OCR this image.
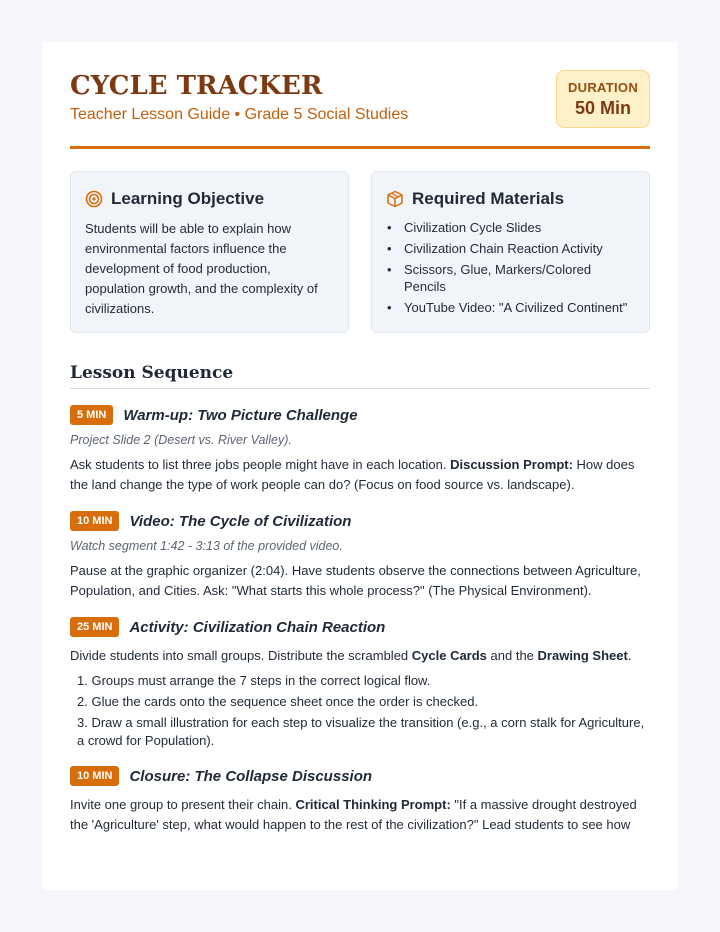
CYCLE TRACKER
Teacher Lesson Guide • Grade 5 Social Studies
DURATION
50 Min
Learning Objective
Students will be able to explain how environmental factors influence the development of food production, population growth, and the complexity of civilizations.
Required Materials
• Civilization Cycle Slides
• Civilization Chain Reaction Activity
• Scissors, Glue, Markers/Colored Pencils
• YouTube Video: "A Civilized Continent"
Lesson Sequence
5 MIN	Warm-up: Two Picture Challenge
Project Slide 2 (Desert vs. River Valley).
Ask students to list three jobs people might have in each location. Discussion Prompt: How does the land change the type of work people can do? (Focus on food source vs. landscape).
10 MIN	Video: The Cycle of Civilization
Watch segment 1:42 - 3:13 of the provided video.
Pause at the graphic organizer (2:04). Have students observe the connections between Agriculture, Population, and Cities. Ask: "What starts this whole process?" (The Physical Environment).
25 MIN	Activity: Civilization Chain Reaction
Divide students into small groups. Distribute the scrambled Cycle Cards and the Drawing Sheet.
1. Groups must arrange the 7 steps in the correct logical flow.
2. Glue the cards onto the sequence sheet once the order is checked.
3. Draw a small illustration for each step to visualize the transition (e.g., a corn stalk for Agriculture, a crowd for Population).
10 MIN	Closure: The Collapse Discussion
Invite one group to present their chain. Critical Thinking Prompt: "If a massive drought destroyed the 'Agriculture' step, what would happen to the rest of the civilization?" Lead students to see how
